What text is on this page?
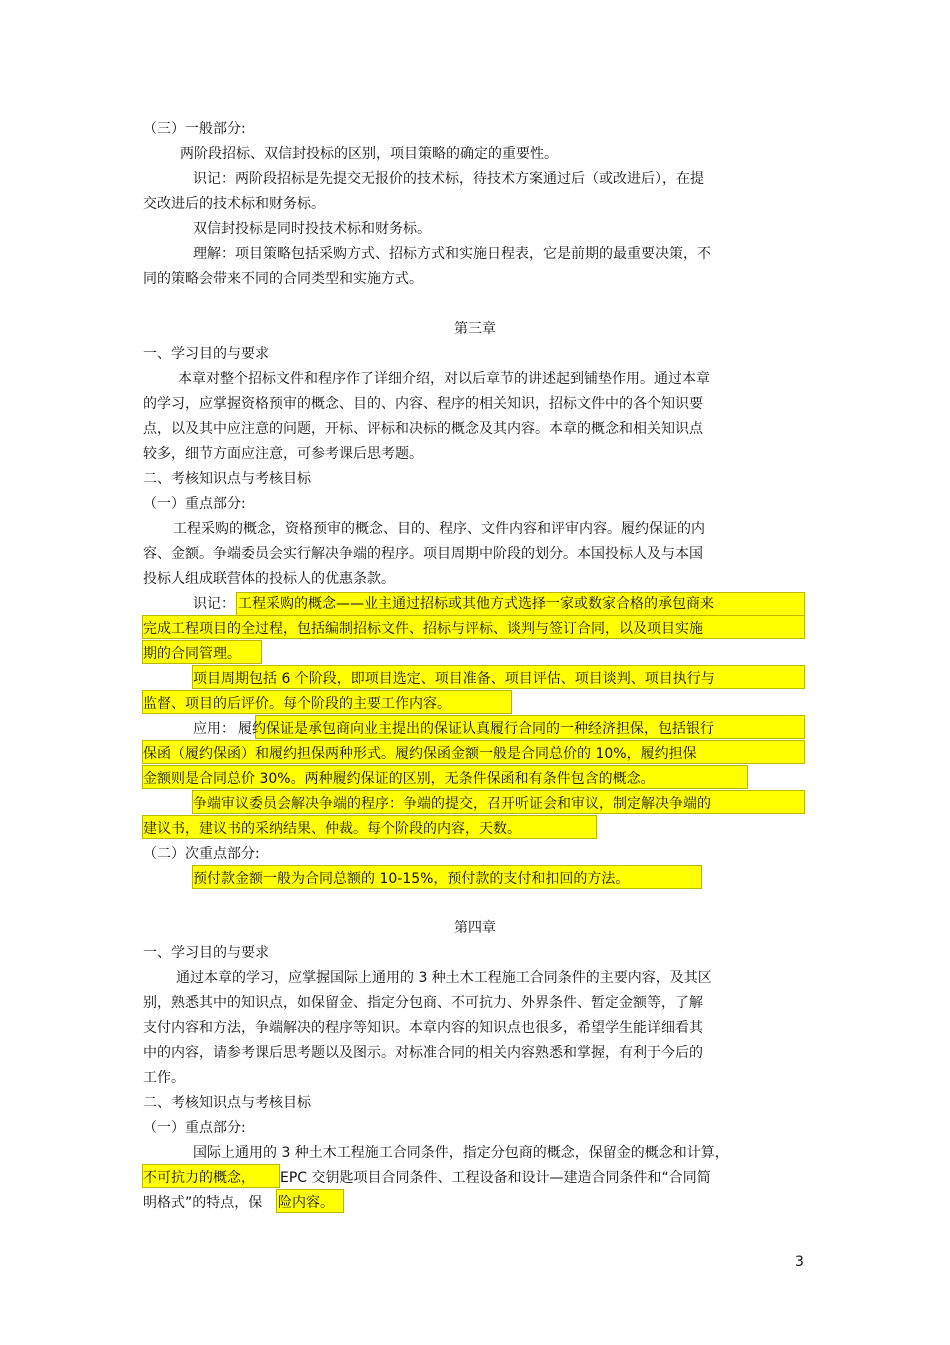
（三）一般部分:
两阶段招标、双信封投标的区别，项目策略的确定的重要性。
识记：两阶段招标是先提交无报价的技术标，待技术方案通过后（或改进后），在提
交改进后的技术标和财务标。
双信封投标是同时投技术标和财务标。
理解：项目策略包括采购方式、招标方式和实施日程表，它是前期的最重要决策，不
同的策略会带来不同的合同类型和实施方式。
第三章
一、学习目的与要求
本章对整个招标文件和程序作了详细介绍，对以后章节的讲述起到铺垫作用。通过本章
的学习，应掌握资格预审的概念、目的、内容、程序的相关知识，招标文件中的各个知识要
点，以及其中应注意的问题，开标、评标和决标的概念及其内容。本章的概念和相关知识点
较多，细节方面应注意，可参考课后思考题。
二、考核知识点与考核目标
（一）重点部分:
工程采购的概念，资格预审的概念、目的、程序、文件内容和评审内容。履约保证的内
容、金额。争端委员会实行解决争端的程序。项目周期中阶段的划分。本国投标人及与本国
投标人组成联营体的投标人的优惠条款。
识记： 工程采购的概念——业主通过招标或其他方式选择一家或数家合格的承包商来
完成工程项目的全过程，包括编制招标文件、招标与评标、谈判与签订合同，以及项目实施
期的合同管理。
项目周期包括 6 个阶段，即项目选定、项目准备、项目评估、项目谈判、项目执行与
监督、项目的后评价。每个阶段的主要工作内容。
应用： 履约保证是承包商向业主提出的保证认真履行合同的一种经济担保，包括银行
保函（履约保函）和履约担保两种形式。履约保函金额一般是合同总价的 10%，履约担保
金额则是合同总价 30%。两种履约保证的区别，无条件保函和有条件包含的概念。
争端审议委员会解决争端的程序：争端的提交，召开听证会和审议，制定解决争端的
建议书，建议书的采纳结果、仲裁。每个阶段的内容，天数。
（二）次重点部分:
预付款金额一般为合同总额的 10-15%，预付款的支付和扣回的方法。
第四章
一、学习目的与要求
通过本章的学习，应掌握国际上通用的 3 种土木工程施工合同条件的主要内容，及其区
别，熟悉其中的知识点，如保留金、指定分包商、不可抗力、外界条件、暂定金额等，了解
支付内容和方法，争端解决的程序等知识。本章内容的知识点也很多，希望学生能详细看其
中的内容，请参考课后思考题以及图示。对标准合同的相关内容熟悉和掌握，有利于今后的
工作。
二、考核知识点与考核目标
（一）重点部分:
国际上通用的 3 种土木工程施工合同条件，指定分包商的概念，保留金的概念和计算，
不可抗力的概念， EPC 交钥匙项目合同条件、工程设备和设计—建造合同条件和“合同简
明格式”的特点，保 险内容。
3
